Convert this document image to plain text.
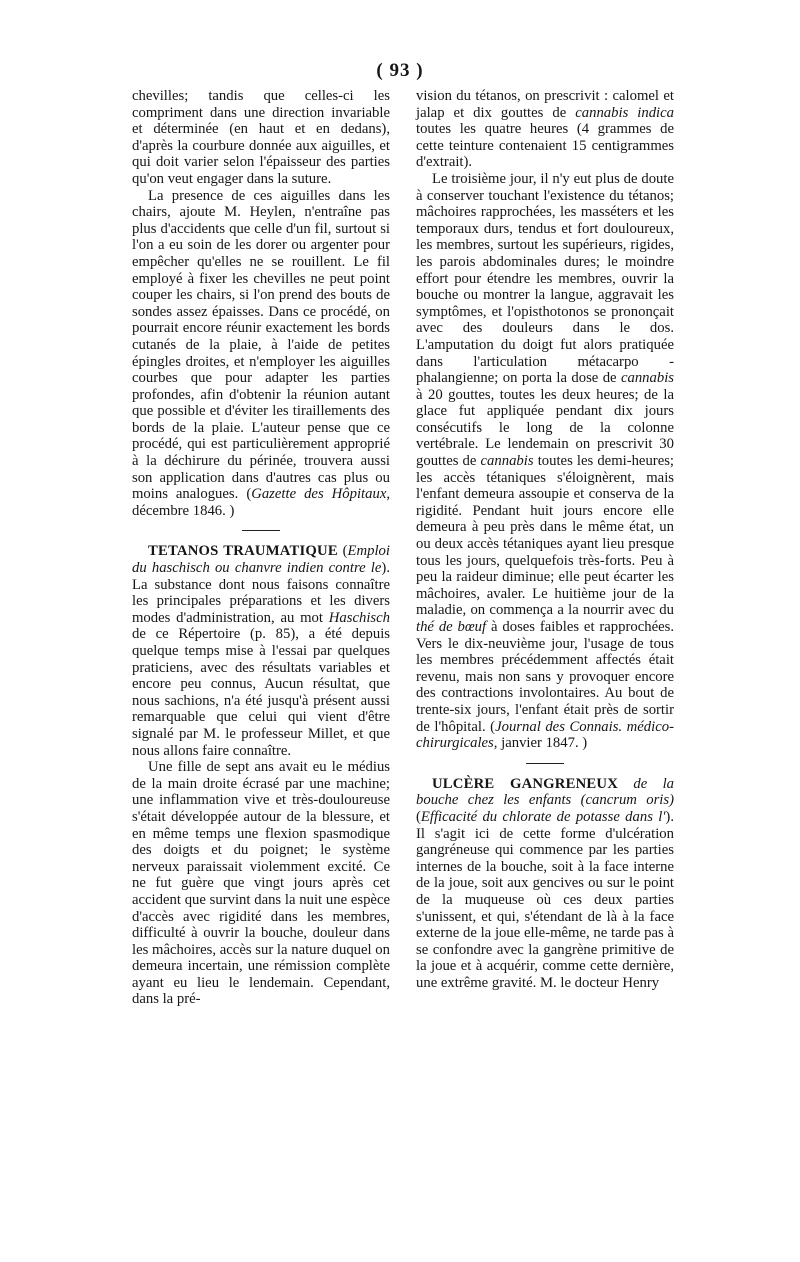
( 93 )

chevilles; tandis que celles-ci les compriment dans une direction invariable et déterminée (en haut et en dedans), d'après la courbure donnée aux aiguilles, et qui doit varier selon l'épaisseur des parties qu'on veut engager dans la suture.

La presence de ces aiguilles dans les chairs, ajoute M. Heylen, n'entraîne pas plus d'accidents que celle d'un fil, surtout si l'on a eu soin de les dorer ou argenter pour empêcher qu'elles ne se rouillent. Le fil employé à fixer les chevilles ne peut point couper les chairs, si l'on prend des bouts de sondes assez épaisses. Dans ce procédé, on pourrait encore réunir exactement les bords cutanés de la plaie, à l'aide de petites épingles droites, et n'employer les aiguilles courbes que pour adapter les parties profondes, afin d'obtenir la réunion autant que possible et d'éviter les tiraillements des bords de la plaie. L'auteur pense que ce procédé, qui est particulièrement approprié à la déchirure du périnée, trouvera aussi son application dans d'autres cas plus ou moins analogues. (Gazette des Hôpitaux, décembre 1846. )

TETANOS TRAUMATIQUE (Emploi du haschisch ou chanvre indien contre le). La substance dont nous faisons connaître les principales préparations et les divers modes d'administration, au mot Haschisch de ce Répertoire (p. 85), a été depuis quelque temps mise à l'essai par quelques praticiens, avec des résultats variables et encore peu connus, Aucun résultat, que nous sachions, n'a été jusqu'à présent aussi remarquable que celui qui vient d'être signalé par M. le professeur Millet, et que nous allons faire connaître.

Une fille de sept ans avait eu le médius de la main droite écrasé par une machine; une inflammation vive et très-douloureuse s'était développée autour de la blessure, et en même temps une flexion spasmodique des doigts et du poignet; le système nerveux paraissait violemment excité. Ce ne fut guère que vingt jours après cet accident que survint dans la nuit une espèce d'accès avec rigidité dans les membres, difficulté à ouvrir la bouche, douleur dans les mâchoires, accès sur la nature duquel on demeura incertain, une rémission complète ayant eu lieu le lendemain. Cependant, dans la pré-

vision du tétanos, on prescrivit : calomel et jalap et dix gouttes de cannabis indica toutes les quatre heures (4 grammes de cette teinture contenaient 15 centigrammes d'extrait).

Le troisième jour, il n'y eut plus de doute à conserver touchant l'existence du tétanos; mâchoires rapprochées, les masséters et les temporaux durs, tendus et fort douloureux, les membres, surtout les supérieurs, rigides, les parois abdominales dures; le moindre effort pour étendre les membres, ouvrir la bouche ou montrer la langue, aggravait les symptômes, et l'opisthotonos se prononçait avec des douleurs dans le dos. L'amputation du doigt fut alors pratiquée dans l'articulation métacarpo - phalangienne; on porta la dose de cannabis à 20 gouttes, toutes les deux heures; de la glace fut appliquée pendant dix jours consécutifs le long de la colonne vertébrale. Le lendemain on prescrivit 30 gouttes de cannabis toutes les demi-heures; les accès tétaniques s'éloignèrent, mais l'enfant demeura assoupie et conserva de la rigidité. Pendant huit jours encore elle demeura à peu près dans le même état, un ou deux accès tétaniques ayant lieu presque tous les jours, quelquefois très-forts. Peu à peu la raideur diminue; elle peut écarter les mâchoires, avaler. Le huitième jour de la maladie, on commença a la nourrir avec du thé de bœuf à doses faibles et rapprochées. Vers le dix-neuvième jour, l'usage de tous les membres précédemment affectés était revenu, mais non sans y provoquer encore des contractions involontaires. Au bout de trente-six jours, l'enfant était près de sortir de l'hôpital. (Journal des Connais. médico-chirurgicales, janvier 1847. )

ULCÈRE GANGRENEUX de la bouche chez les enfants (cancrum oris) (Efficacité du chlorate de potasse dans l'). Il s'agit ici de cette forme d'ulcération gangréneuse qui commence par les parties internes de la bouche, soit à la face interne de la joue, soit aux gencives ou sur le point de la muqueuse où ces deux parties s'unissent, et qui, s'étendant de là à la face externe de la joue elle-même, ne tarde pas à se confondre avec la gangrène primitive de la joue et à acquérir, comme cette dernière, une extrême gravité. M. le docteur Henry
